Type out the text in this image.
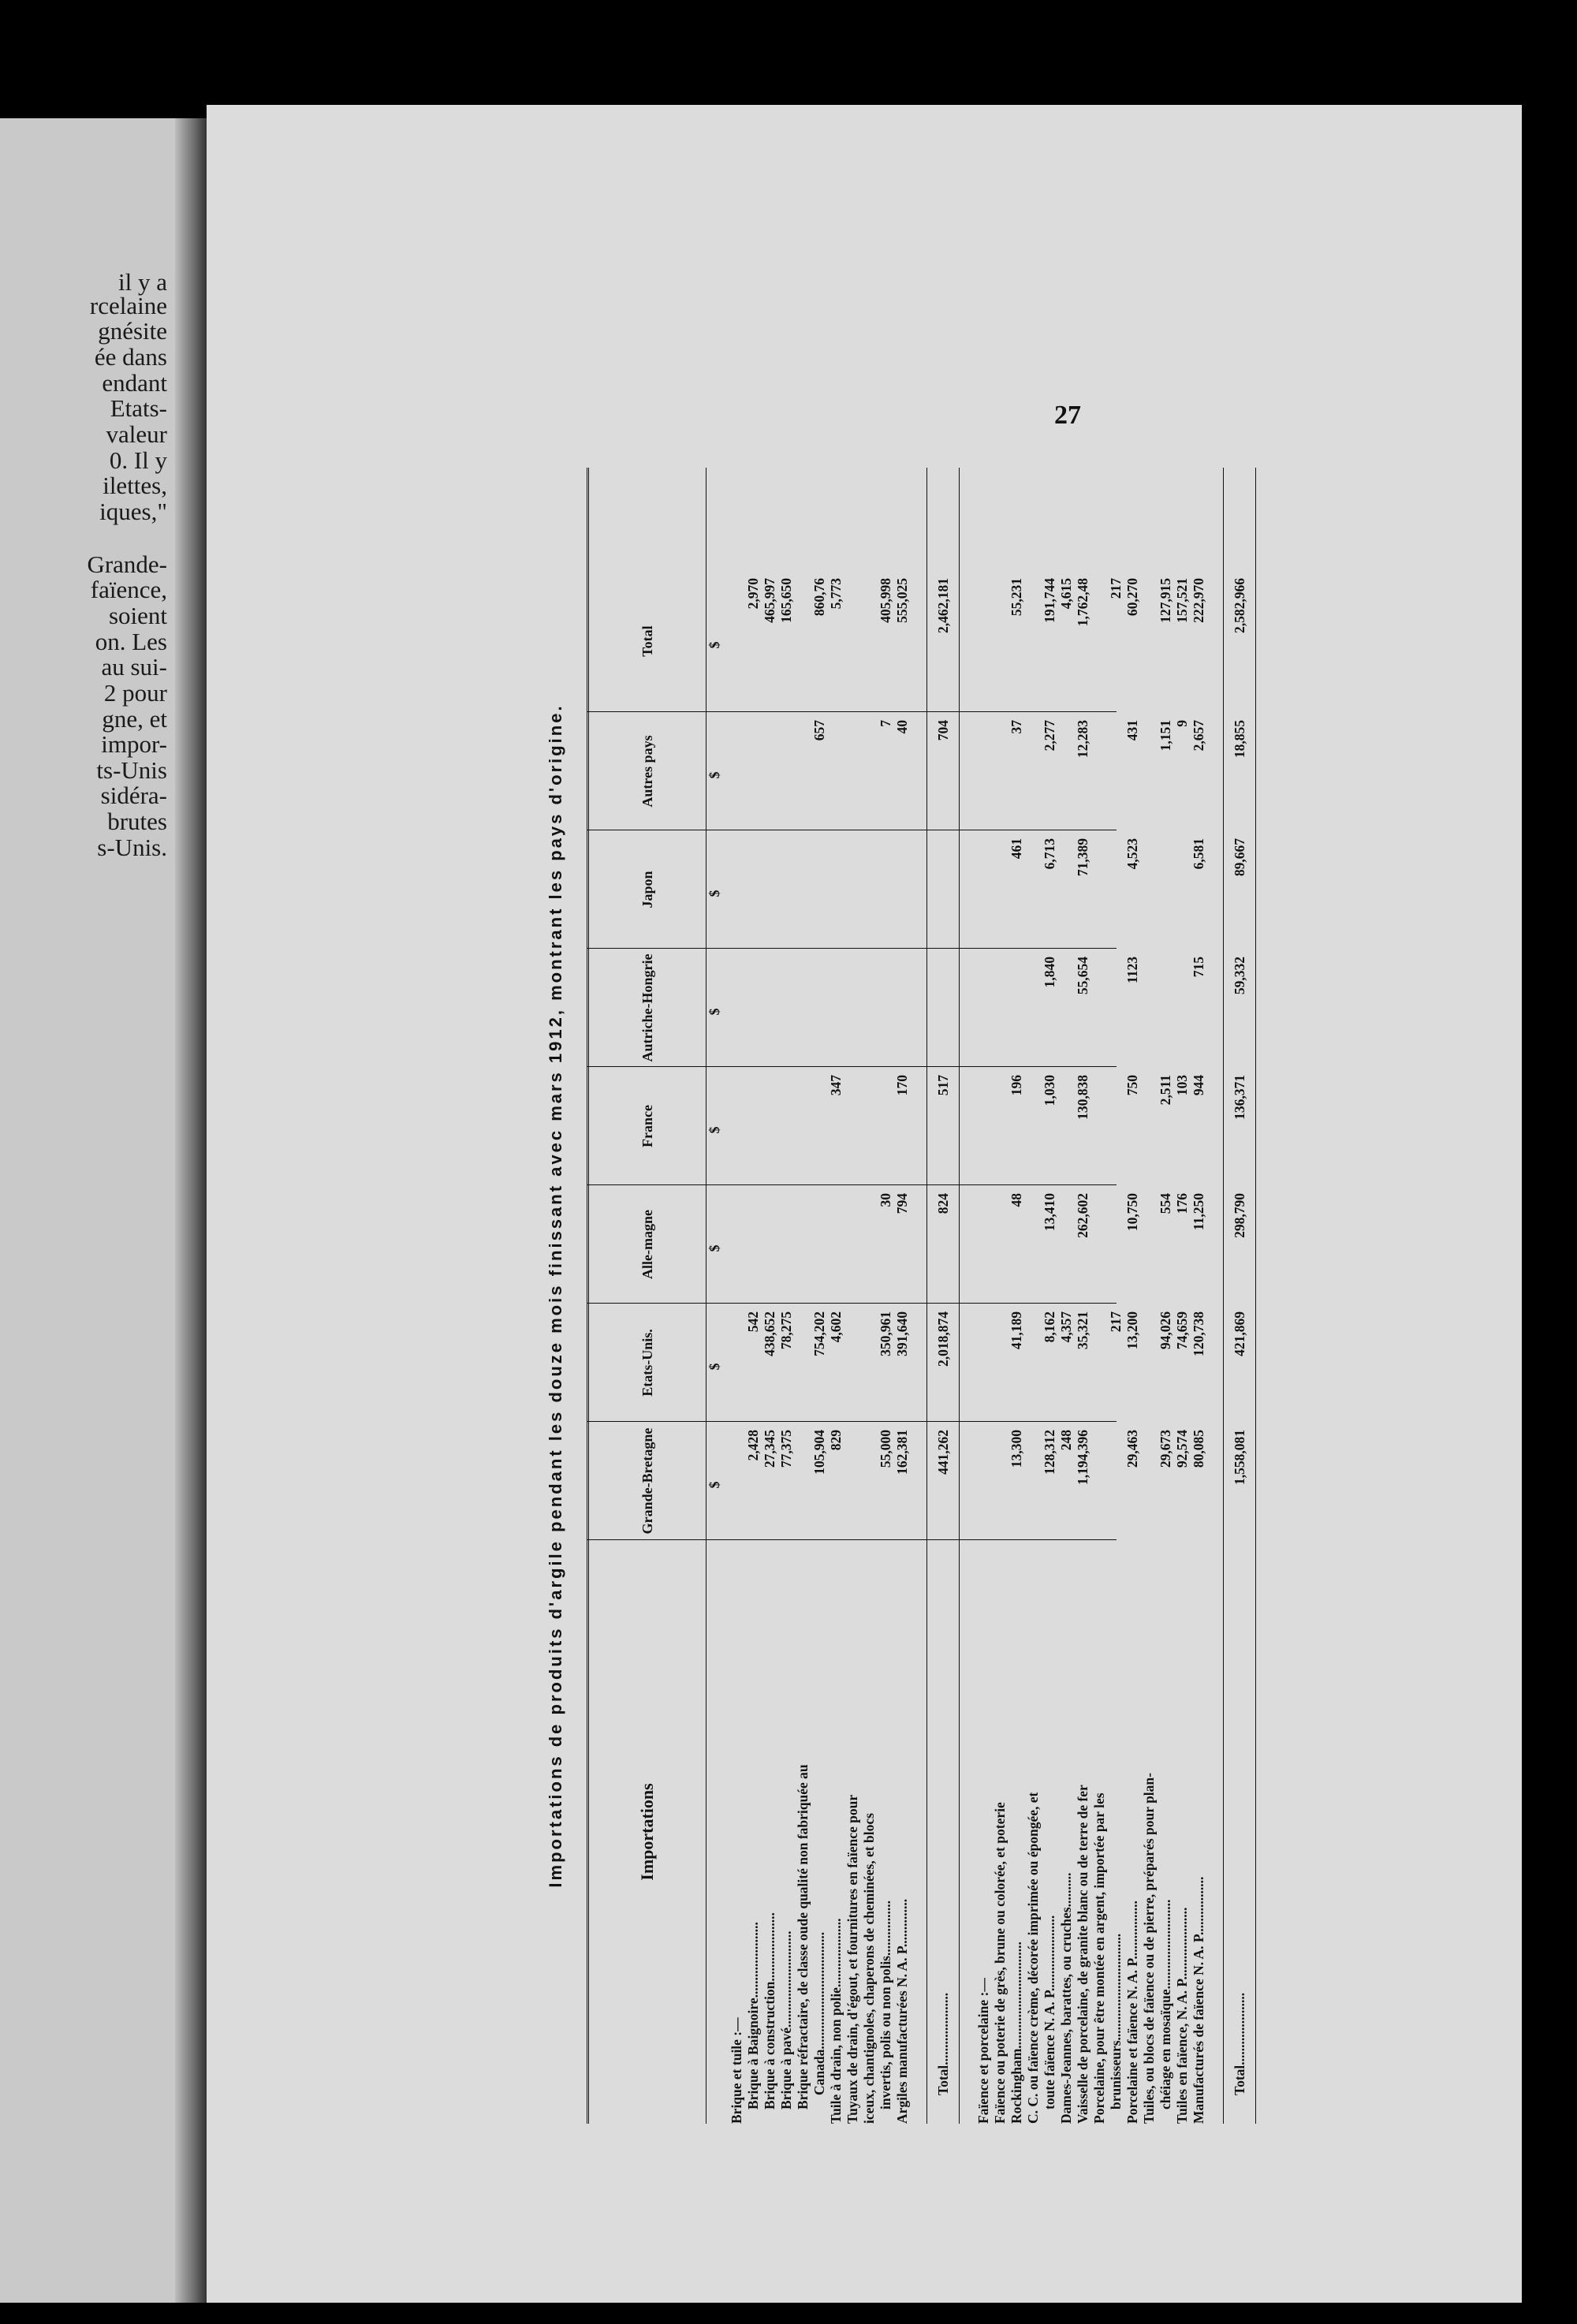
il y a
rcelaine
gnésite
ée dans
endant
Etats-
valeur
0. Il y
ilettes,
iques,"
Grande-
faïence,
soient
on. Les
au sui-
2 pour
gne, et
impor-
ts-Unis
sidéra-
brutes
s-Unis.
27
Importations de produits d'argile pendant les douze mois finissant avec mars 1912, montrant les pays d'origine.	Importations
Grande-Bretagne
Etats-Unis.
Alle-magne
France
Autriche-Hongrie
Japon
Autres pays
Total
$
$
$
$
$
$
$
$
Brique et tuile :— Brique à Baignoire......................
2,428
542
2,970
Brique à construction....................
27,345
438,652
465,997
Brique à pavé............................
77,375
78,275
165,650
Brique réfractaire, de classe oude qualité non fabriquée au Canada..................................
105,904
754,202
657
860,76
Tuile à drain, non polie....................
829
4,602
347
5,773
Tuyaux de drain, d'égout, et fournitures en faïence pour iceux, chantignoles, chaperons de cheminées, et blocs invertis, polis ou non polis................
55,000
350,961
30
7
405,998
Argiles manufacturées N. A. P..............
162,381
391,640
794
170
40
555,025
Total.....................
441,262
2,018,874
824
517
704
2,462,181
Faïence et porcelaine :— Faïence ou poterie de grès, brune ou colorée, et poterie Rockingham...............................
13,300
41,189
48
196
461
37
55,231
C. C. ou faïence crème, décorée imprimée ou épongée, et toute faïence N. A. P......................
128,312
8,162
13,410
1,030
1,840
6,713
2,277
191,744
Dames-Jeannes, barattes, ou cruches..........
248
4,357
4,615
Vaisselle de porcelaine, de granite blanc ou de terre de fer
1,194,396
35,321
262,602
130,838
55,654
71,389
12,283
1,762,48
Porcelaine, pour être montée en argent, importée par les brunisseurs...............................
217
217
Porcelaine et faïence N. A. P.................
29,463
13,200
10,750
750
1123
4,523
431
60,270
Tuiles, ou blocs de faïence ou de pierre, préparés pour plan- chéiage en mosaïque..........................
29,673
94,026
554
2,511
1,151
127,915
Tuiles en faïence, N. A. P.....................
92,574
74,659
176
103
9
157,521
Manufacturés de faïence N. A. P.................
80,085
120,738
11,250
944
715
6,581
2,657
222,970
Total.....................
1,558,081
421,869
298,790
136,371
59,332
89,667
18,855
2,582,966
